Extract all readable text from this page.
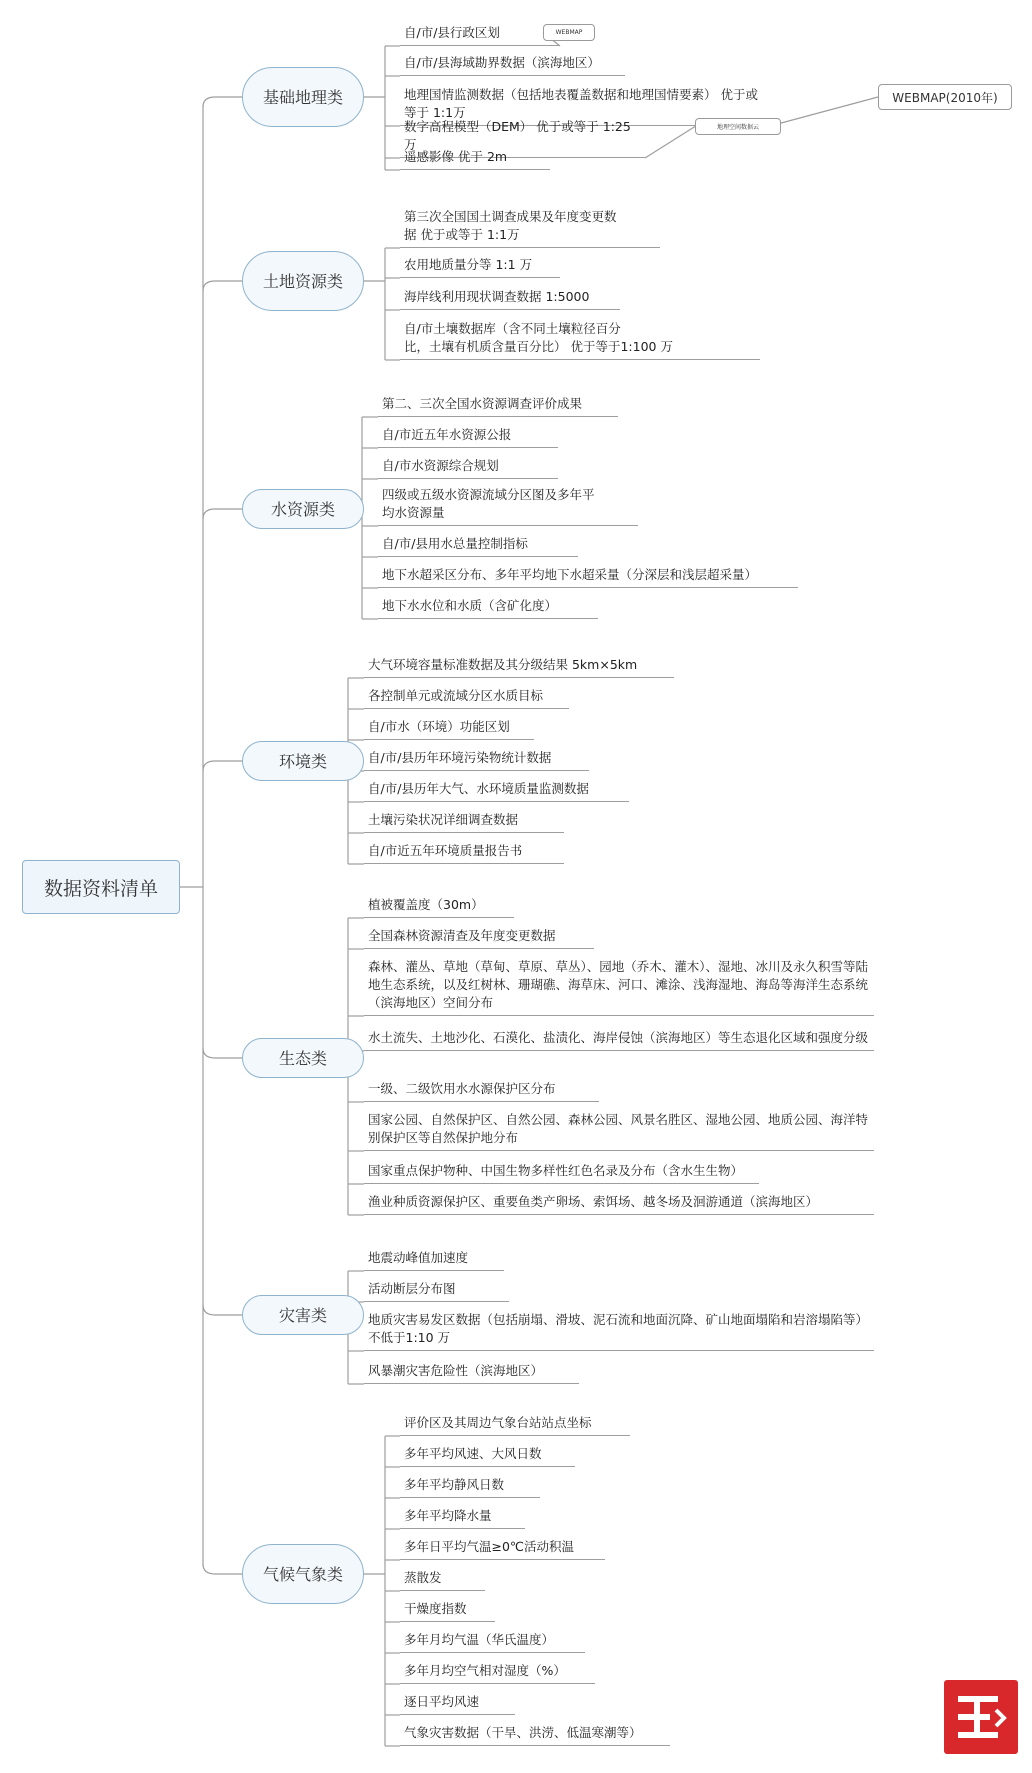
数据资料清单
基础地理类
自/市/县行政区划	WEBMAP
自/市/县海域勘界数据（滨海地区）
地理国情监测数据（包括地表覆盖数据和地理国情要素） 优于或等于 1:1万
WEBMAP(2010年)
数字高程模型（DEM） 优于或等于 1:25万
地理空间数据云
遥感影像 优于 2m
土地资源类
第三次全国国土调查成果及年度变更数
据 优于或等于 1:1万
农用地质量分等 1:1 万
海岸线利用现状调查数据 1:5000
自/市土壤数据库（含不同土壤粒径百分
比，土壤有机质含量百分比） 优于等于1:100 万
水资源类
第二、三次全国水资源调查评价成果
自/市近五年水资源公报
自/市水资源综合规划
四级或五级水资源流域分区图及多年平
均水资源量
自/市/县用水总量控制指标
地下水超采区分布、多年平均地下水超采量（分深层和浅层超采量）
地下水水位和水质（含矿化度）
环境类
大气环境容量标准数据及其分级结果 5km×5km
各控制单元或流域分区水质目标
自/市水（环境）功能区划
自/市/县历年环境污染物统计数据
自/市/县历年大气、水环境质量监测数据
土壤污染状况详细调查数据
自/市近五年环境质量报告书
生态类
植被覆盖度（30m）
全国森林资源清查及年度变更数据
森林、灌丛、草地（草甸、草原、草丛）、园地（乔木、灌木）、湿地、冰川及永久积雪等陆地生态系统，以及红树林、珊瑚礁、海草床、河口、滩涂、浅海湿地、海岛等海洋生态系统（滨海地区）空间分布
水土流失、土地沙化、石漠化、盐渍化、海岸侵蚀（滨海地区）等生态退化区域和强度分级
一级、二级饮用水水源保护区分布
国家公园、自然保护区、自然公园、森林公园、风景名胜区、湿地公园、地质公园、海洋特别保护区等自然保护地分布
国家重点保护物种、中国生物多样性红色名录及分布（含水生生物）
渔业种质资源保护区、重要鱼类产卵场、索饵场、越冬场及洄游通道（滨海地区）
灾害类
地震动峰值加速度
活动断层分布图
地质灾害易发区数据（包括崩塌、滑坡、泥石流和地面沉降、矿山地面塌陷和岩溶塌陷等） 不低于1:10 万
风暴潮灾害危险性（滨海地区）
气候气象类
评价区及其周边气象台站站点坐标
多年平均风速、大风日数
多年平均静风日数
多年平均降水量
多年日平均气温≥0℃活动积温
蒸散发
干燥度指数
多年月均气温（华氏温度）
多年月均空气相对湿度（%）
逐日平均风速
气象灾害数据（干旱、洪涝、低温寒潮等）
